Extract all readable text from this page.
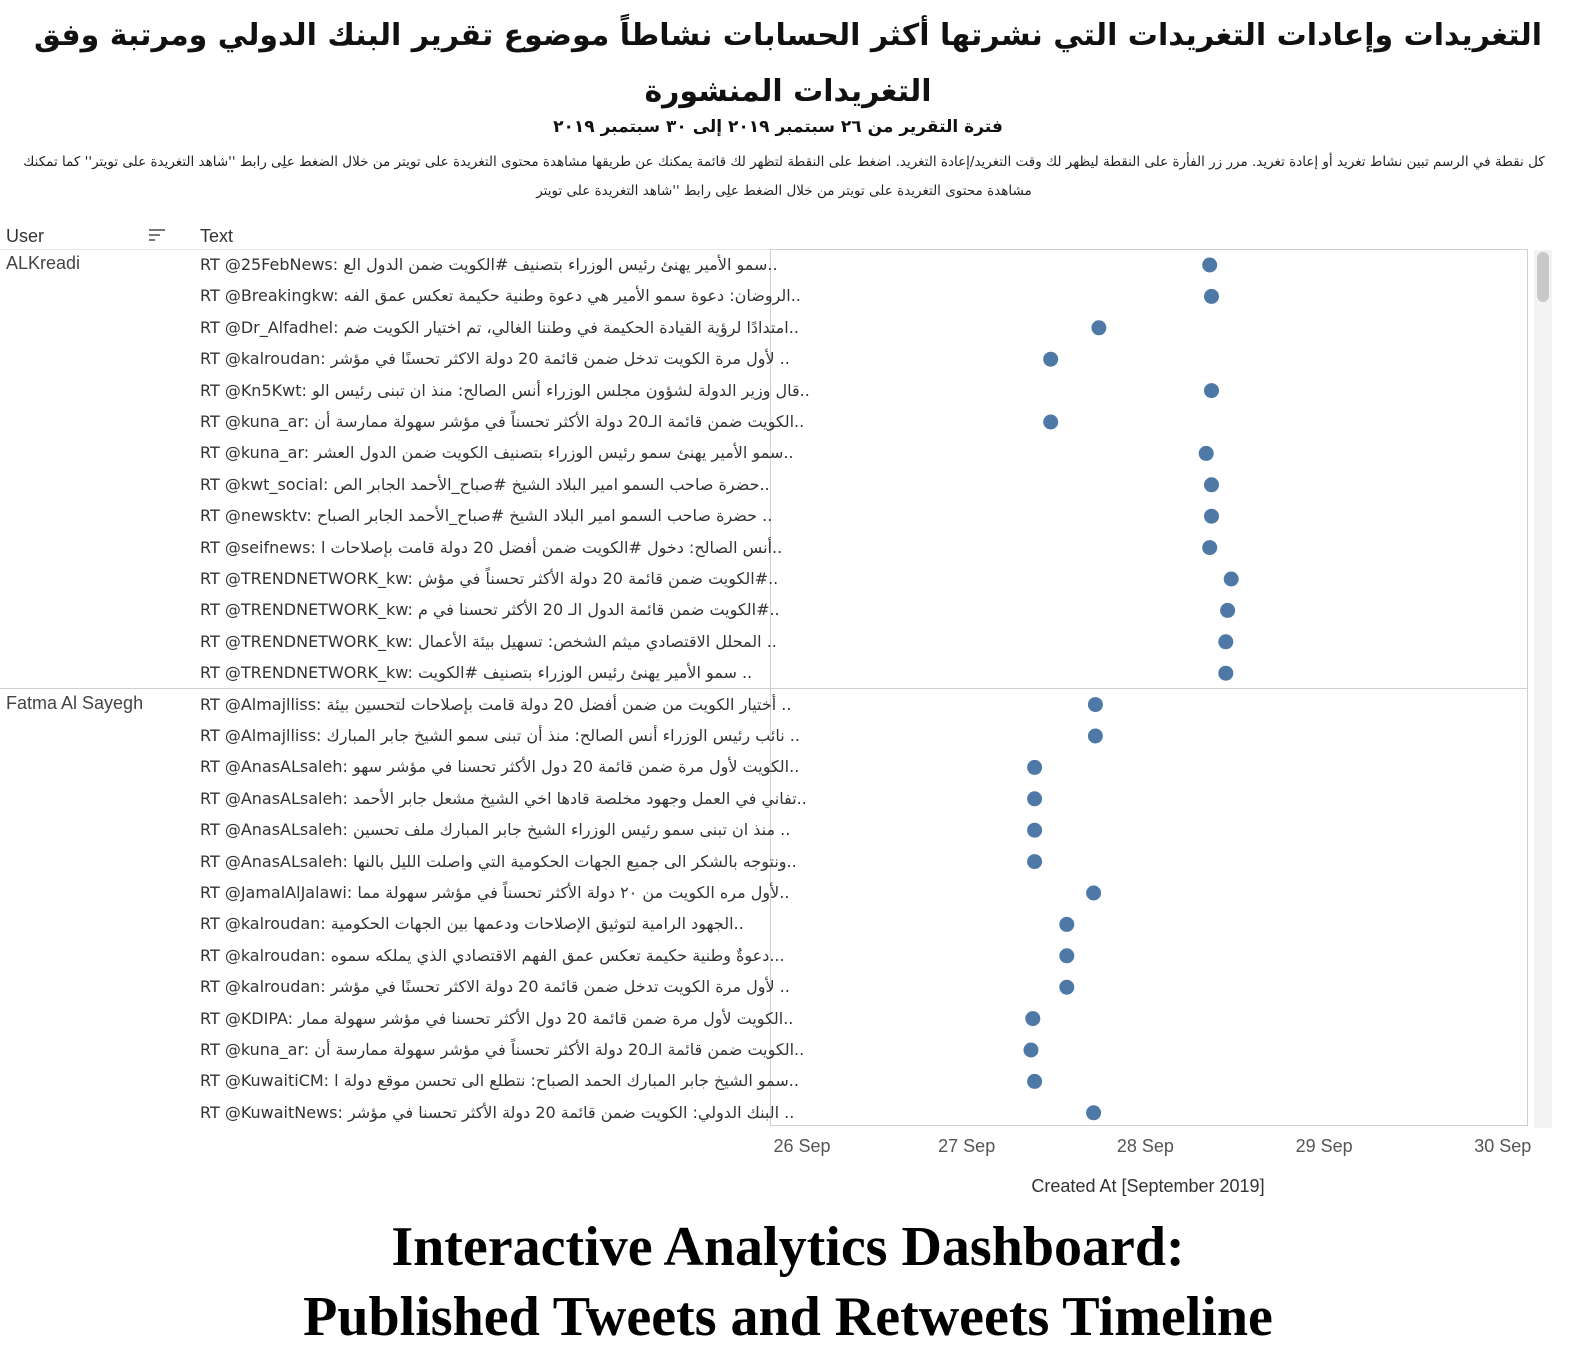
التغريدات وإعادات التغريدات التي نشرتها أكثر الحسابات نشاطاً موضوع تقرير البنك الدولي ومرتبة وفق التغريدات المنشورة
فترة التقرير من ٢٦ سبتمبر ٢٠١٩ إلى ٣٠ سبتمبر ٢٠١٩
كل نقطة في الرسم تبين نشاط تغريد أو إعادة تغريد. مرر زر الفأرة على النقطة ليظهر لك وقت التغريد/إعادة التغريد. اضغط على النقطة لتظهر لك قائمة يمكنك عن طريقها مشاهدة محتوى التغريدة على تويتر من خلال الضغط علِى رابط ''شاهد التغريدة على تويتر'' كما تمكنك مشاهدة محتوى التغريدة على تويتر من خلال الضغط علِى رابط ''شاهد التغريدة على تويتر
User	Text
ALKreadi	RT @25FebNews: سمو الأمير يهنئ رئيس الوزراء بتصنيف #الكويت ضمن الدول الع..
RT @Breakingkw: الروضان: دعوة سمو الأمير هي دعوة وطنية حكيمة تعكس عمق الفه..
RT @Dr_Alfadhel: امتدادًا لرؤية القيادة الحكيمة في وطننا الغالي، تم اختيار الكويت ضم..
RT @kalroudan: لأول مرة الكويت تدخل ضمن قائمة 20 دولة الاكثر تحسنًا في مؤشر ..
RT @Kn5Kwt: قال وزير الدولة لشؤون مجلس الوزراء أنس الصالح: منذ ان تبنى رئيس الو..
RT @kuna_ar: الكويت ضمن قائمة الـ20 دولة الأكثر تحسناً في مؤشر سهولة ممارسة أن..
RT @kuna_ar: سمو الأمير يهنئ سمو رئيس الوزراء بتصنيف الكويت ضمن الدول العشر..
RT @kwt_social: حضرة صاحب السمو امير البلاد الشيخ #صباح_الأحمد الجابر الص..
RT @newsktv: حضرة صاحب السمو امير البلاد الشيخ #صباح_الأحمد الجابر الصباح ..
RT @seifnews: أنس الصالح: دخول #الكويت ضمن أفضل 20 دولة قامت بإصلاحات ا..
RT @TRENDNETWORK_kw: الكويت ضمن قائمة 20 دولة الأكثر تحسناً في مؤش#..
RT @TRENDNETWORK_kw: الكويت ضمن قائمة الدول الـ 20 الأكثر تحسنا في م#..
RT @TRENDNETWORK_kw: المحلل الاقتصادي ميثم الشخص: تسهيل بيئة الأعمال ..
RT @TRENDNETWORK_kw: سمو الأمير يهنئ رئيس الوزراء بتصنيف #الكويت ..
Fatma Al Sayegh	RT @Almajlliss: أختيار الكويت من ضمن أفضل 20 دولة قامت بإصلاحات لتحسين بيئة ..
RT @Almajlliss: نائب رئيس الوزراء أنس الصالح: منذ أن تبنى سمو الشيخ جابر المبارك ..
RT @AnasALsaleh: الكويت لأول مرة ضمن قائمة 20 دول الأكثر تحسنا في مؤشر سهو..
RT @AnasALsaleh: تفاني في العمل وجهود مخلصة قادها اخي الشيخ مشعل جابر الأحمد..
RT @AnasALsaleh: منذ ان تبنى سمو رئيس الوزراء الشيخ جابر المبارك ملف تحسين ..
RT @AnasALsaleh: ونتوجه بالشكر الى جميع الجهات الحكومية التي واصلت الليل بالنها..
RT @JamalAlJalawi: لأول مره الكويت من ٢٠ دولة الأكثر تحسناً في مؤشر سهولة مما..
RT @kalroudan: الجهود الرامية لتوثيق الإصلاحات ودعمها بين الجهات الحكومية..
RT @kalroudan: دعوةٌ وطنية حكيمة تعكس عمق الفهم الاقتصادي الذي يملكه سموه...
RT @kalroudan: لأول مرة الكويت تدخل ضمن قائمة 20 دولة الاكثر تحسنًا في مؤشر ..
RT @KDIPA: الكويت لأول مرة ضمن قائمة 20 دول الأكثر تحسنا في مؤشر سهولة ممار..
RT @kuna_ar: الكويت ضمن قائمة الـ20 دولة الأكثر تحسناً في مؤشر سهولة ممارسة أن..
RT @KuwaitiCM: سمو الشيخ جابر المبارك الحمد الصباح: نتطلع الى تحسن موقع دولة ا..
RT @KuwaitNews: البنك الدولي: الكويت ضمن قائمة 20 دولة الأكثر تحسنا في مؤشر ..
26 Sep	27 Sep	28 Sep	29 Sep	30 Sep
Created At [September 2019]
Interactive Analytics Dashboard:
Published Tweets and Retweets Timeline
